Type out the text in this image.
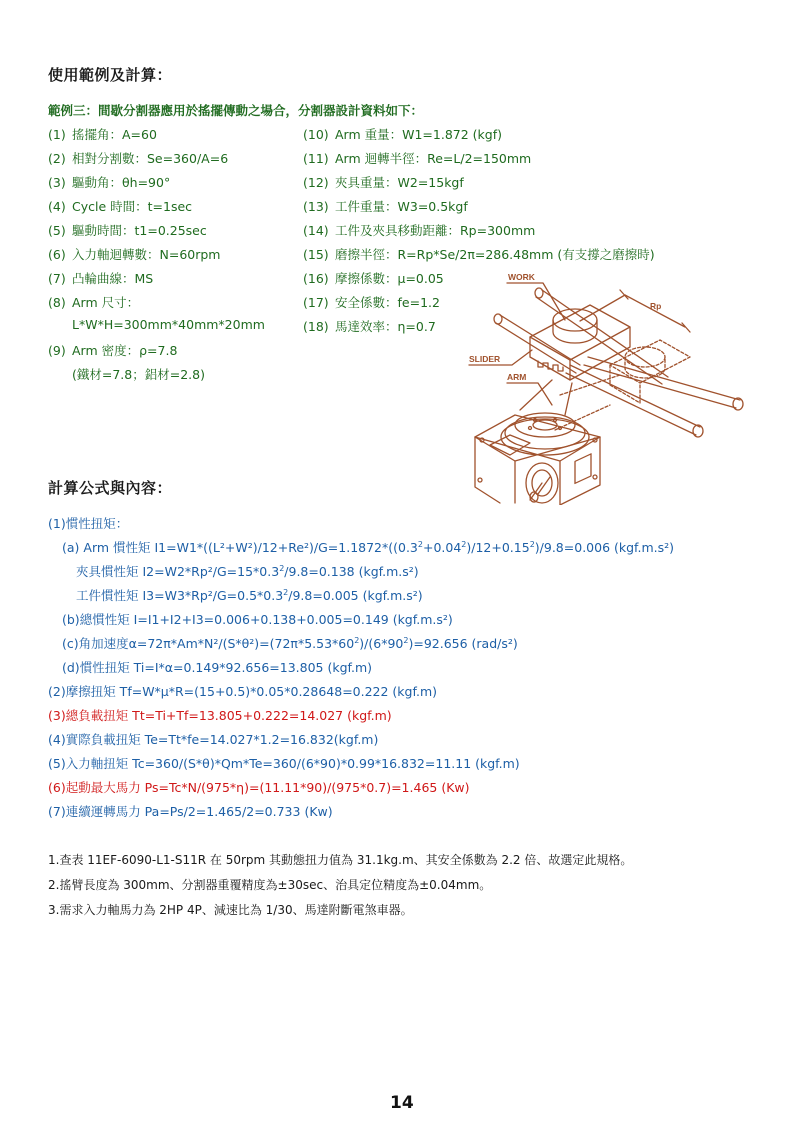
使用範例及計算：
範例三：間歇分割器應用於搖擺傳動之場合，分割器設計資料如下：
(1) 搖擺角：A=60
(2) 相對分割數：Se=360/A=6
(3) 驅動角：θh=90°
(4) Cycle 時間：t=1sec
(5) 驅動時間：t1=0.25sec
(6) 入力軸迴轉數：N=60rpm
(7) 凸輪曲線：MS
(8) Arm 尺寸：
L*W*H=300mm*40mm*20mm
(9) Arm 密度：ρ=7.8
(鐵材=7.8；鋁材=2.8)
(10) Arm 重量：W1=1.872 (kgf)
(11) Arm 迴轉半徑：Re=L/2=150mm
(12) 夾具重量：W2=15kgf
(13) 工件重量：W3=0.5kgf
(14) 工件及夾具移動距離：Rp=300mm
(15) 磨擦半徑：R=Rp*Se/2π=286.48mm (有支撐之磨擦時)
(16) 摩擦係數：μ=0.05
(17) 安全係數：fe=1.2
(18) 馬達效率：η=0.7
WORK
Rp
SLIDER
ARM
計算公式與內容：
(1)慣性扭矩：
(a) Arm 慣性矩 $I1=W1*((L^2+W^2)/12+Re^2)/G=1.1872*((0.3^2+0.04^2)/12+0.15^2)/9.8=0.006$ (kgf.m.s²)
夾具慣性矩 $I2=W2*Rp^2/G=15*0.3^2/9.8=0.138$ (kgf.m.s²)
工件慣性矩 $I3=W3*Rp^2/G=0.5*0.3^2/9.8=0.005$ (kgf.m.s²)
(b)總慣性矩 I=I1+I2+I3=0.006+0.138+0.005=0.149 (kgf.m.s²)
(c)角加速度$\alpha=72\pi*Am*N^2/(S*\theta^2)=(72\pi*5.53*60^2)/(6*90^2)=92.656$ (rad/s²)
(d)慣性扭矩 Ti=I*α=0.149*92.656=13.805 (kgf.m)
(2)摩擦扭矩 Tf=W*μ*R=(15+0.5)*0.05*0.28648=0.222 (kgf.m)
(3)總負載扭矩 Tt=Ti+Tf=13.805+0.222=14.027 (kgf.m)
(4)實際負載扭矩 Te=Tt*fe=14.027*1.2=16.832(kgf.m)
(5)入力軸扭矩 Tc=360/(S*θ)*Qm*Te=360/(6*90)*0.99*16.832=11.11 (kgf.m)
(6)起動最大馬力 Ps=Tc*N/(975*η)=(11.11*90)/(975*0.7)=1.465 (Kw)
(7)連續運轉馬力 Pa=Ps/2=1.465/2=0.733 (Kw)
1.查表 11EF-6090-L1-S11R 在 50rpm 其動態扭力值為 31.1kg.m、其安全係數為 2.2 倍、故選定此規格。
2.搖臂長度為 300mm、分割器重覆精度為±30sec、治具定位精度為±0.04mm。
3.需求入力軸馬力為 2HP 4P、減速比為 1/30、馬達附斷電煞車器。
14
